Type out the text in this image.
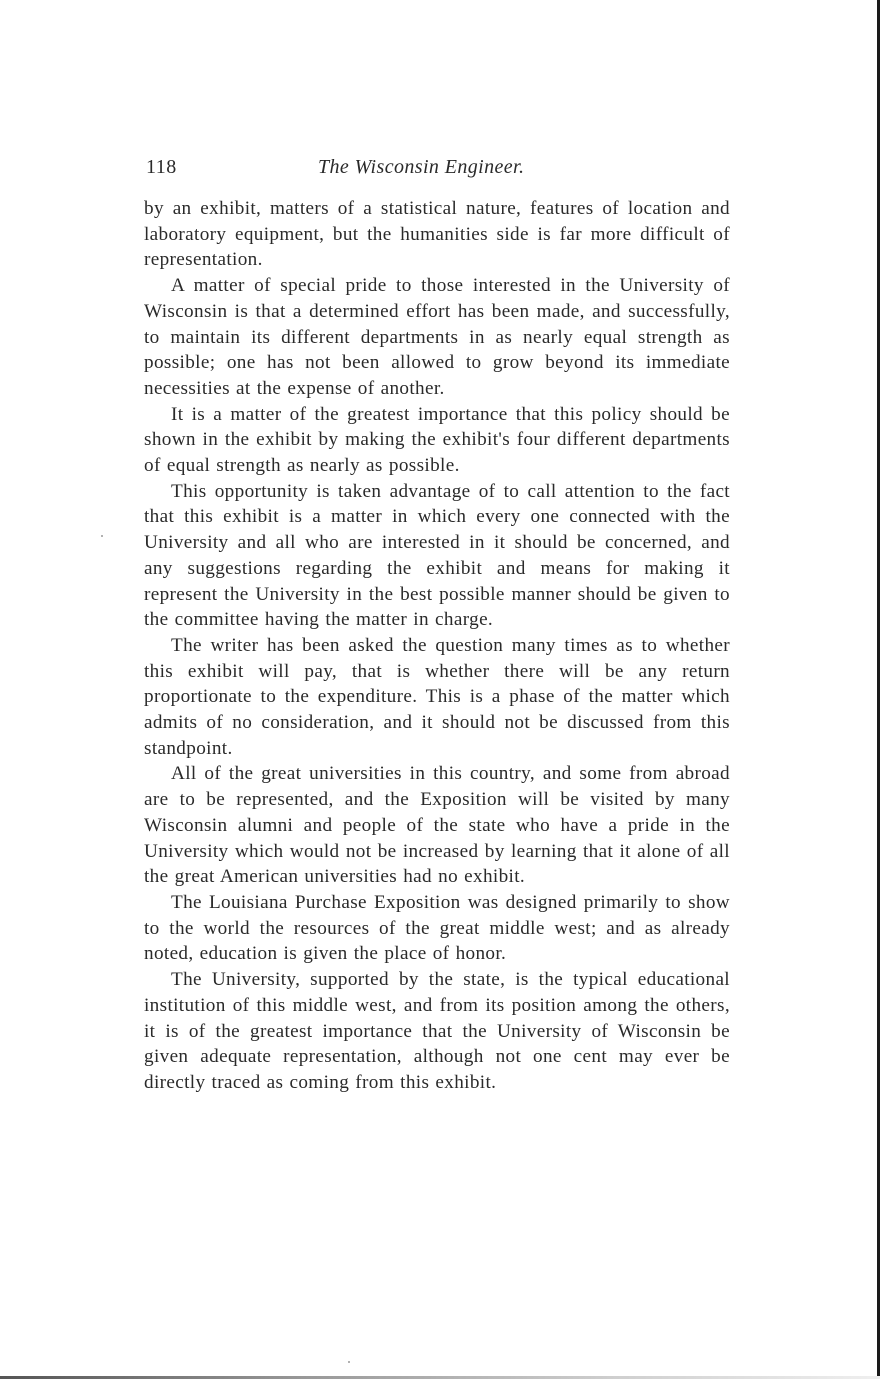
118	The Wisconsin Engineer.

by an exhibit, matters of a statistical nature, features of location and laboratory equipment, but the humanities side is far more difficult of representation.

A matter of special pride to those interested in the University of Wisconsin is that a determined effort has been made, and successfully, to maintain its different departments in as nearly equal strength as possible; one has not been allowed to grow beyond its immediate necessities at the expense of another.

It is a matter of the greatest importance that this policy should be shown in the exhibit by making the exhibit's four different departments of equal strength as nearly as possible.

This opportunity is taken advantage of to call attention to the fact that this exhibit is a matter in which every one connected with the University and all who are interested in it should be concerned, and any suggestions regarding the exhibit and means for making it represent the University in the best possible manner should be given to the committee having the matter in charge.

The writer has been asked the question many times as to whether this exhibit will pay, that is whether there will be any return proportionate to the expenditure. This is a phase of the matter which admits of no consideration, and it should not be discussed from this standpoint.

All of the great universities in this country, and some from abroad are to be represented, and the Exposition will be visited by many Wisconsin alumni and people of the state who have a pride in the University which would not be increased by learning that it alone of all the great American universities had no exhibit.

The Louisiana Purchase Exposition was designed primarily to show to the world the resources of the great middle west; and as already noted, education is given the place of honor.

The University, supported by the state, is the typical educational institution of this middle west, and from its position among the others, it is of the greatest importance that the University of Wisconsin be given adequate representation, although not one cent may ever be directly traced as coming from this exhibit.
